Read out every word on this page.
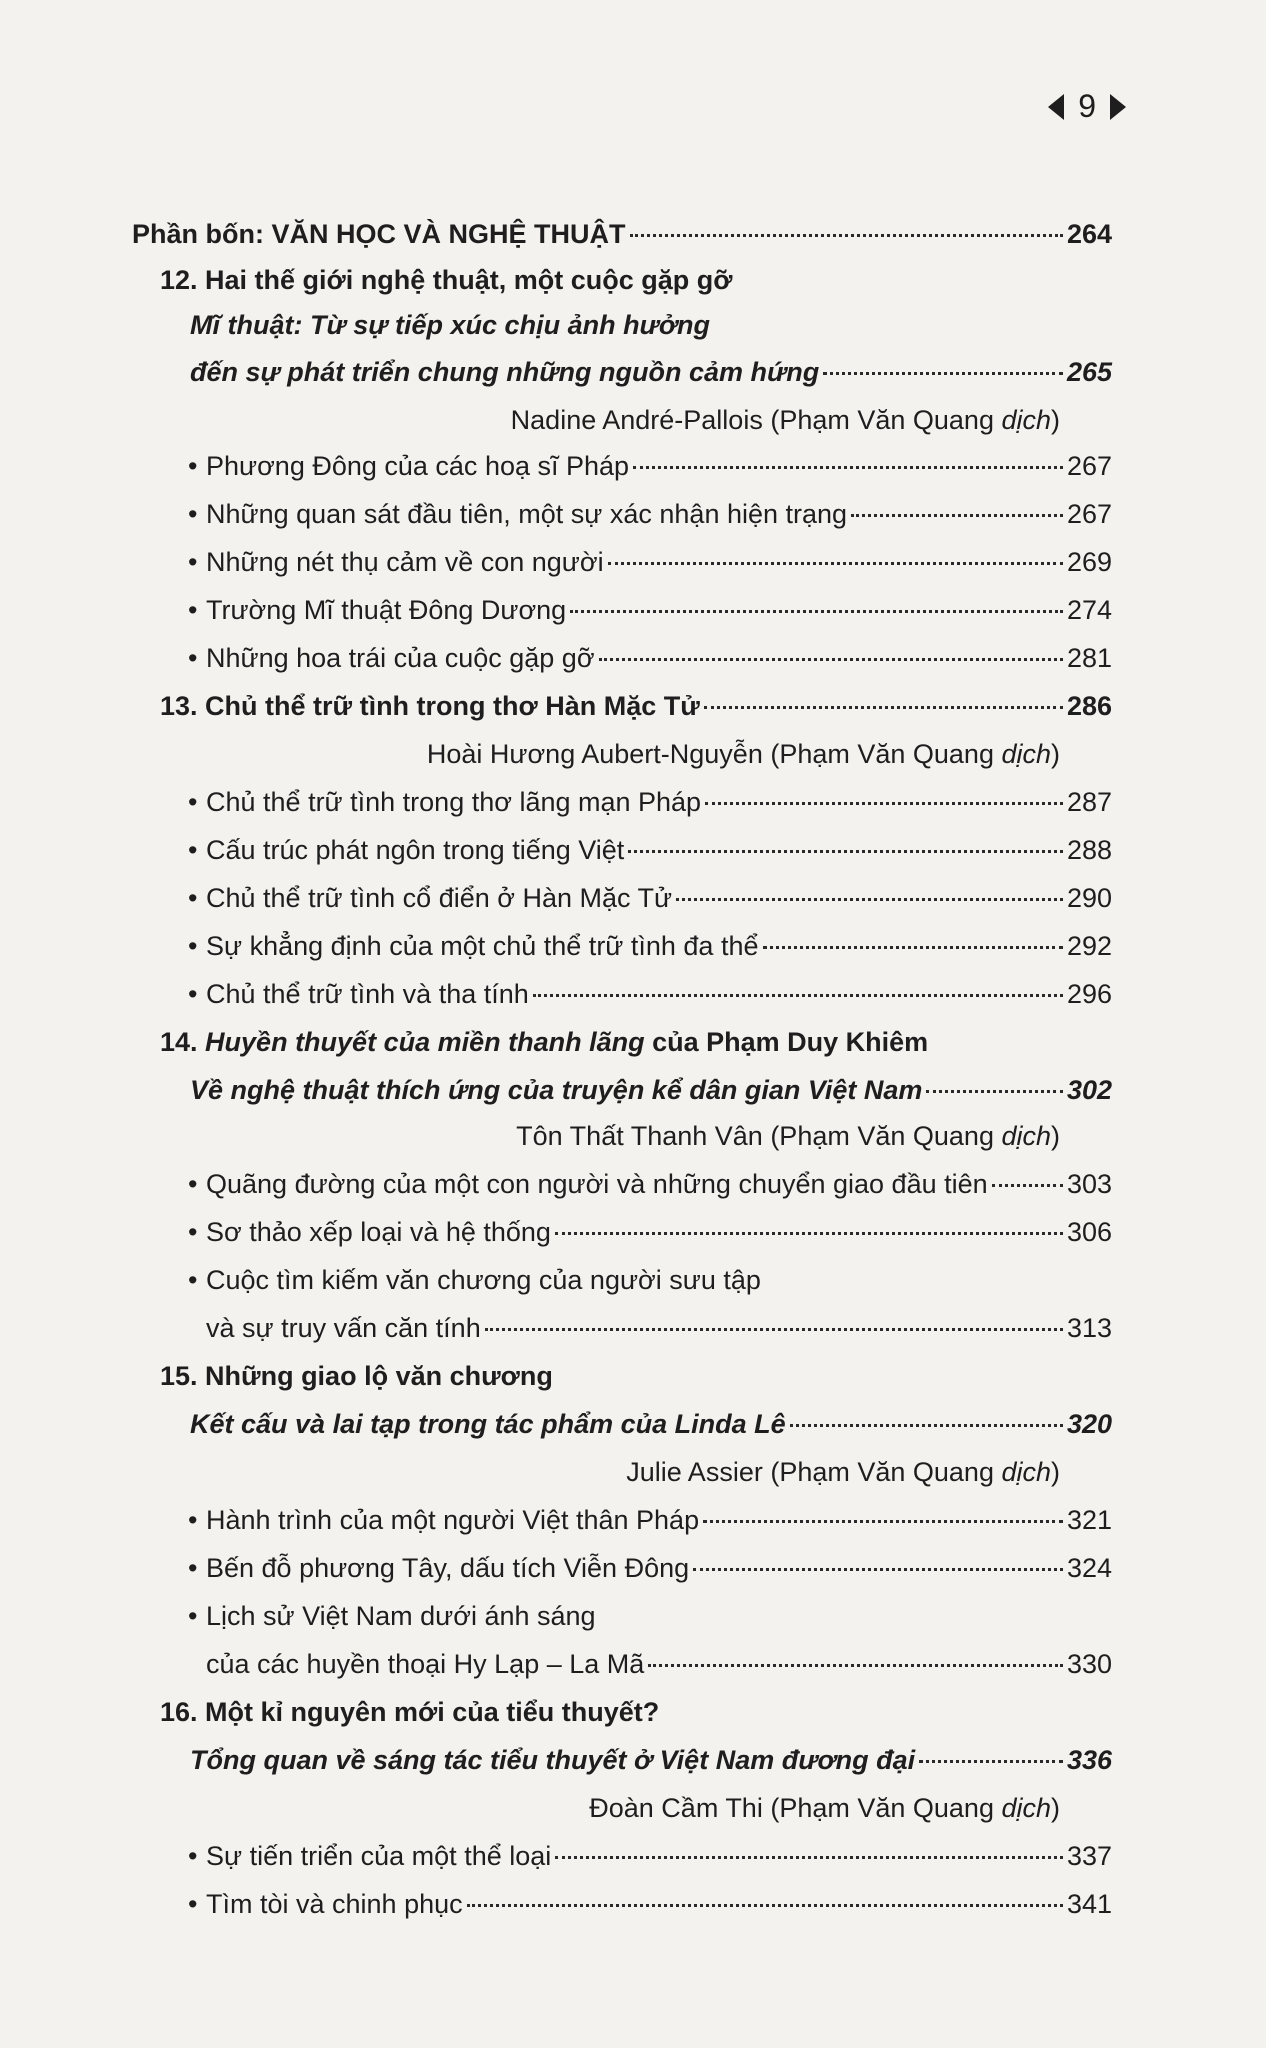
9
Phần bốn: VĂN HỌC VÀ NGHỆ THUẬT	264
12. Hai thế giới nghệ thuật, một cuộc gặp gỡ
Mĩ thuật: Từ sự tiếp xúc chịu ảnh hưởng
đến sự phát triển chung những nguồn cảm hứng	265
Nadine André-Pallois (Phạm Văn Quang dịch)
• Phương Đông của các hoạ sĩ Pháp	267
• Những quan sát đầu tiên, một sự xác nhận hiện trạng	267
• Những nét thụ cảm về con người	269
• Trường Mĩ thuật Đông Dương	274
• Những hoa trái của cuộc gặp gỡ	281
13. Chủ thể trữ tình trong thơ Hàn Mặc Tử	286
Hoài Hương Aubert-Nguyễn (Phạm Văn Quang dịch)
• Chủ thể trữ tình trong thơ lãng mạn Pháp	287
• Cấu trúc phát ngôn trong tiếng Việt	288
• Chủ thể trữ tình cổ điển ở Hàn Mặc Tử	290
• Sự khẳng định của một chủ thể trữ tình đa thể	292
• Chủ thể trữ tình và tha tính	296
14. Huyền thuyết của miền thanh lãng của Phạm Duy Khiêm
Về nghệ thuật thích ứng của truyện kể dân gian Việt Nam	302
Tôn Thất Thanh Vân (Phạm Văn Quang dịch)
• Quãng đường của một con người và những chuyển giao đầu tiên	303
• Sơ thảo xếp loại và hệ thống	306
• Cuộc tìm kiếm văn chương của người sưu tập
và sự truy vấn căn tính	313
15. Những giao lộ văn chương
Kết cấu và lai tạp trong tác phẩm của Linda Lê	320
Julie Assier (Phạm Văn Quang dịch)
• Hành trình của một người Việt thân Pháp	321
• Bến đỗ phương Tây, dấu tích Viễn Đông	324
• Lịch sử Việt Nam dưới ánh sáng
của các huyền thoại Hy Lạp – La Mã	330
16. Một kỉ nguyên mới của tiểu thuyết?
Tổng quan về sáng tác tiểu thuyết ở Việt Nam đương đại	336
Đoàn Cầm Thi (Phạm Văn Quang dịch)
• Sự tiến triển của một thể loại	337
• Tìm tòi và chinh phục	341
